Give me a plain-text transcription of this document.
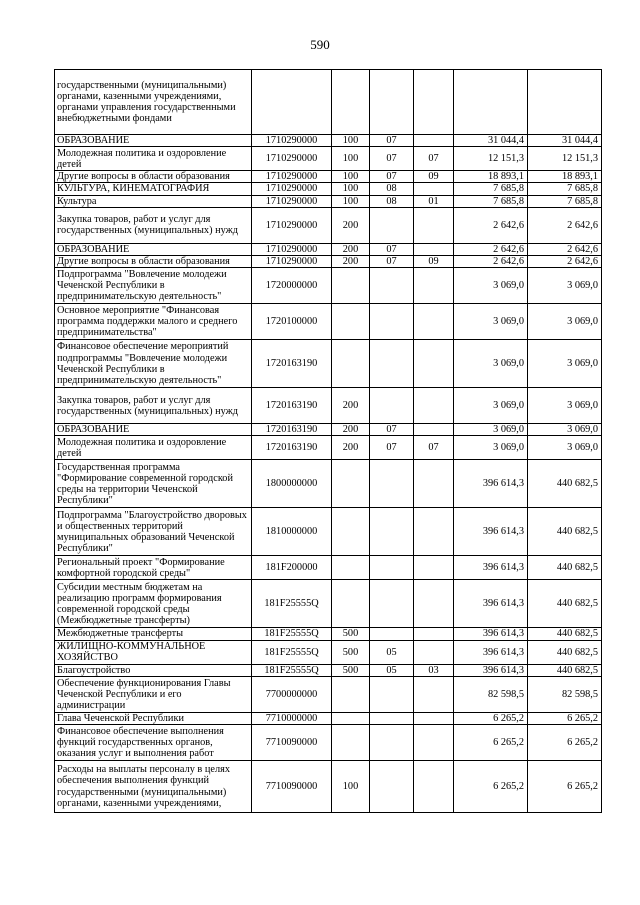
590
государственными (муниципальными) органами, казенными учреждениями, органами управления государственными внебюджетными фондами						
ОБРАЗОВАНИЕ	1710290000	100	07		31 044,4	31 044,4
Молодежная политика и оздоровление детей	1710290000	100	07	07	12 151,3	12 151,3
Другие вопросы в области образования	1710290000	100	07	09	18 893,1	18 893,1
КУЛЬТУРА, КИНЕМАТОГРАФИЯ	1710290000	100	08		7 685,8	7 685,8
Культура	1710290000	100	08	01	7 685,8	7 685,8
Закупка товаров, работ и услуг для государственных (муниципальных) нужд	1710290000	200			2 642,6	2 642,6
ОБРАЗОВАНИЕ	1710290000	200	07		2 642,6	2 642,6
Другие вопросы в области образования	1710290000	200	07	09	2 642,6	2 642,6
Подпрограмма "Вовлечение молодежи Чеченской Республики в предпринимательскую деятельность"	1720000000				3 069,0	3 069,0
Основное мероприятие "Финансовая программа поддержки малого и среднего предпринимательства"	1720100000				3 069,0	3 069,0
Финансовое обеспечение мероприятий подпрограммы "Вовлечение молодежи Чеченской Республики в предпринимательскую деятельность"	1720163190				3 069,0	3 069,0
Закупка товаров, работ и услуг для государственных (муниципальных) нужд	1720163190	200			3 069,0	3 069,0
ОБРАЗОВАНИЕ	1720163190	200	07		3 069,0	3 069,0
Молодежная политика и оздоровление детей	1720163190	200	07	07	3 069,0	3 069,0
Государственная программа "Формирование современной городской среды на территории Чеченской Республики"	1800000000				396 614,3	440 682,5
Подпрограмма "Благоустройство дворовых и общественных территорий муниципальных образований Чеченской Республики"	1810000000				396 614,3	440 682,5
Региональный проект "Формирование комфортной городской среды"	181F200000				396 614,3	440 682,5
Субсидии местным бюджетам на реализацию программ формирования современной городской среды (Межбюджетные трансферты)	181F25555Q				396 614,3	440 682,5
Межбюджетные трансферты	181F25555Q	500			396 614,3	440 682,5
ЖИЛИЩНО-КОММУНАЛЬНОЕ ХОЗЯЙСТВО	181F25555Q	500	05		396 614,3	440 682,5
Благоустройство	181F25555Q	500	05	03	396 614,3	440 682,5
Обеспечение функционирования Главы Чеченской Республики и его администрации	7700000000				82 598,5	82 598,5
Глава Чеченской Республики	7710000000				6 265,2	6 265,2
Финансовое обеспечение выполнения функций государственных органов, оказания услуг и выполнения работ	7710090000				6 265,2	6 265,2
Расходы на выплаты персоналу в целях обеспечения выполнения функций государственными (муниципальными) органами, казенными учреждениями,	7710090000	100			6 265,2	6 265,2
